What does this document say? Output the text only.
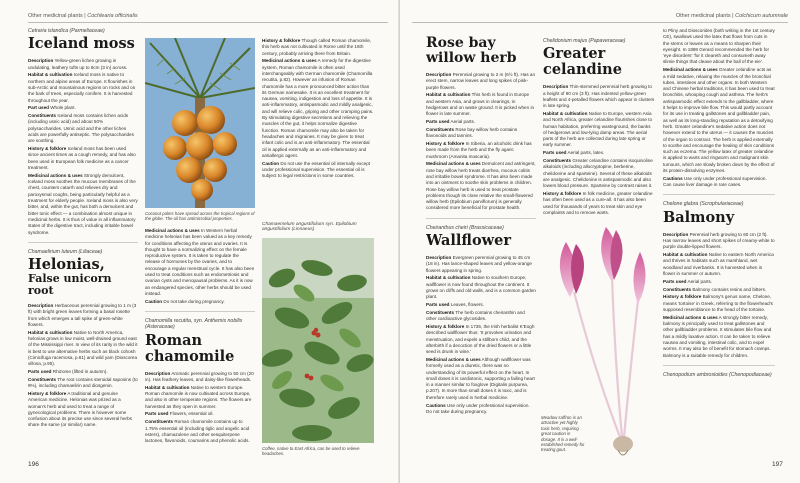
Other medicinal plants | Cochlearia officinalis
Cetraria islandica (Parmeliaceae)
Iceland moss
Description Yellow-green lichen growing in undulating, leathery tufts up to 8cm (3 in) across.
Habitat & cultivation Iceland moss is native to northern and alpine areas of Europe. It flourishes in sub-Arctic and mountainous regions on rocks and on the bark of trees, especially conifers. It is harvested throughout the year.
Part used Whole plant.
Constituents Iceland moss contains lichen acids (including usnic acid) and about 50% polysaccharides. Usnic acid and the other lichen acids are powerfully antiseptic. The polysaccharides are soothing.
History & folklore Iceland moss has been used since ancient times as a cough remedy, and has also been used in European folk medicine as a cancer treatment.
Medicinal actions & uses Strongly demulcent, Iceland moss soothes the mucous membranes of the chest, counters catarrh and relieves dry and paroxysmal coughs, being particularly helpful as a treatment for elderly people. Iceland moss is also very bitter, and, within the gut, has both a demulcent and bitter tonic effect — a combination almost unique in medicinal herbs. It is thus of value in all inflammatory states of the digestive tract, including irritable bowel syndrome.
Chamaelirium luteum (Liliaceae)
Helonias,
False unicorn root
Description Herbaceous perennial growing to 1 m (3 ft) with bright green leaves forming a basal rosette from which emerges a tall spike of green-white flowers.
Habitat & cultivation Native to North America, helonias grows in low moist, well-drained ground east of the Mississippi river. In view of its rarity in the wild it is best to use alternative herbs such as black cohosh (Cimicifuga racemosa, p.61) and wild yam (Dioscorea villosa, p.95).
Parts used Rhizome (lifted in autumn).
Constituents The root contains steroidal saponins (to 9%), including chamaelirin and diosgenin.
History & folklore A traditional and genuine American medicine. Helonias was prized as a woman's herb and used to treat a range of gynecological problems. There is however some confusion about its precise use since several herbs share the same (or similar) name.
Coconut palms have spread across the tropical regions of the globe. The oil has antimicrobial properties.
Medicinal actions & uses In Western herbal medicine helonias has been valued as a key remedy for conditions affecting the uterus and ovaries. It is thought to have a normalizing effect on the female reproductive system. It is taken to regulate the release of hormones by the ovaries, and to encourage a regular menstrual cycle. It has also been used to treat conditions such as endometriosis and ovarian cysts and menopausal problems. As it is now an endangered species, other herbs should be used instead.
Caution Do not take during pregnancy.
Chamomilla recutita, syn. Anthemis nobilis (Asteraceae)
Roman chamomile
Description Aromatic perennial growing to 50 cm (20 in). Has feathery leaves, and daisy-like flowerheads.
Habitat & cultivation Native to western Europe. Roman chamomile is now cultivated across Europe, and also in other temperate regions. The flowers are harvested as they open in summer.
Parts used Flowers, essential oil.
Constituents Roman chamomile contains up to 1.75% essential oil (including tiglic and angelic acid esters), chamazulene and other sesquiterpene lactones, flavonoids, coumarins and phenolic acids.
History & folklore Though called Roman chamomile, this herb was not cultivated in Rome until the 16th century, probably arriving there from Britain.
Medicinal actions & uses A remedy for the digestive system, Roman chamomile is often used interchangeably with German chamomile (Chamomilla recutita, p.82). However an infusion of Roman chamomile has a more pronounced bitter action than its German namesake. It is an excellent treatment for nausea, vomiting, indigestion and loss of appetite. It is anti-inflammatory, antispasmodic and mildly analgesic, and will relieve colic, griping and other cramping pains. By stimulating digestive secretions and relieving the muscles of the gut, it helps normalize digestive function. Roman chamomile may also be taken for headaches and migraines. It may be given to treat infant colic and is an anti-inflammatory. The essential oil is applied externally as an anti-inflammatory and antiallergic agent.
Caution Do not use the essential oil internally except under professional supervision. The essential oil is subject to legal restrictions in some countries.
Chamaemelum angustifolium syn. Epilobium angustifolium (Linnaeus)
Coffee, native to East Africa, can be used to relieve headaches.
196
Other medicinal plants | Colchicum autumnale
Rose bay willow herb
Description Perennial growing to 2 m (6½ ft). Has an erect stem, narrow leaves and long spikes of pink-purple flowers.
Habitat & cultivation This herb is found in Europe and western Asia, and grows in clearings, in hedgerows and on waste ground. It is picked when in flower in late summer.
Parts used Aerial parts.
Constituents Rose bay willow herb contains flavonoids and tannins.
History & folklore In Siberia, an alcoholic drink has been made from the herb and the fly agaric mushroom (Amanita muscaria).
Medicinal actions & uses Demulcent and astringent, rose bay willow herb treats diarrhea, mucous colitis and irritable bowel syndrome. It has also been made into an ointment to soothe skin problems in children. Rose bay willow herb is used to treat prostate problems though its close relative the small-flowered willow herb (Epilobium parviflorum) is generally considered more beneficial for prostate health.
Cheiranthus cheiri (Brassicaceae)
Wallflower
Description Evergreen perennial growing to 45 cm (18 in). Has lance-shaped leaves and yellow-orange flowers appearing in spring.
Habitat & cultivation Native to southern Europe, wallflower is now found throughout the continent. It grows on cliffs and old walls, and is a common garden plant.
Parts used Leaves, flowers.
Constituents The herb contains cheiranthin and other cardioactive glycosides.
History & folklore In 1735, the Irish herbalist K'Eogh described wallflower thus: 'It provokes urination and menstruation, and expels a stillborn child, and the afterbirth if a decoction of the dried flowers or a little seed is drunk in wine.'
Medicinal actions & uses Although wallflower was formerly used as a diuretic, there was no understanding of its powerful effect on the heart. In small doses it is cardiotonic, supporting a failing heart in a manner similar to foxglove (Digitalis purpurea, p.207). In more than small doses it is toxic, and is therefore rarely used in herbal medicine.
Cautions Use only under professional supervision. Do not take during pregnancy.
Chelidonium majus (Papaveraceae)
Greater celandine
Description Thin-stemmed perennial herb growing to a height of 90 cm (3 ft). Has indented yellow-green leaflets and 4-petalled flowers which appear in clusters in late spring.
Habitat & cultivation Native to Europe, western Asia and North Africa, greater celandine flourishes close to human habitation, preferring wasteground, the banks of hedgerows and low-lying damp areas. The aerial parts of the herb are collected during late spring or early summer.
Parts used Aerial parts, latex.
Constituents Greater celandine contains isoquinoline alkaloids (including allocryptopine, berberine, chelidonine and sparteine). Several of these alkaloids are analgesic. Chelidonine is antispasmodic and also lowers blood pressure. Sparteine by contrast raises it.
History & folklore In folk medicine, greater celandine has often been used as a cure-all. It has also been used for thousands of years to treat skin and eye complaints and to remove warts.
Meadow saffron is an attractive yet highly toxic herb, requiring great caution in dosage. It is a well-established remedy for treating gout.
to Pliny and Dioscorides (both writing in the 1st century CE), swallows used the latex that flows from cuts in the stems or leaves as a means to sharpen their eyesight. In 1898 Gerard recommended the herb for 'eye disorders' 'for it cleareth and consumeth away slimie things that cleave about the ball of the eie'.
Medicinal actions & uses Greater celandine acts as a mild sedative, relaxing the muscles of the bronchial tubes, intestines and other organs. In both Western and Chinese herbal traditions, it has been used to treat bronchitis, whooping cough and asthma. The herb's antispasmodic effect extends to the gallbladder, where it helps to improve bile flow. This would partly account for its use in treating gallstones and gallbladder pain, as well as its long-standing reputation as a detoxifying herb. Greater celandine's sedative action does not however extend to the uterus — it causes the muscles of the organ to contract. The herb is applied externally to soothe and encourage the healing of skin conditions such as eczema. The yellow latex of greater celandine is applied to warts and ringworm and malignant skin tumours, which are slowly broken down by the effect of its protein-dissolving enzymes.
Cautions Use only under professional supervision. Can cause liver damage in rare cases.
Chelone glabra (Scrophulariaceae)
Balmony
Description Perennial herb growing to 60 cm (2 ft). Has narrow leaves and short spikes of creamy-white to purple double-lipped flowers.
Habitat & cultivation Native to eastern North America and thrives in habitats such as marshland, wet woodland and riverbanks. It is harvested when in flower in summer or autumn.
Parts used Aerial parts.
Constituents Balmony contains resins and bitters.
History & folklore Balmony's genus name, Chelone, means 'tortoise' in Greek, referring to the flowerhead's supposed resemblance to the head of the tortoise.
Medicinal actions & uses A strongly bitter remedy, balmony is principally used to treat gallstones and other gallbladder problems. It stimulates bile flow and has a mildly laxative action. It can be taken to relieve nausea and vomiting, intestinal colic, and to expel worms. It may also be of benefit for stomach cramps. Balmony is a suitable remedy for children.
Chenopodium ambrosioides (Chenopodiaceae)
197
